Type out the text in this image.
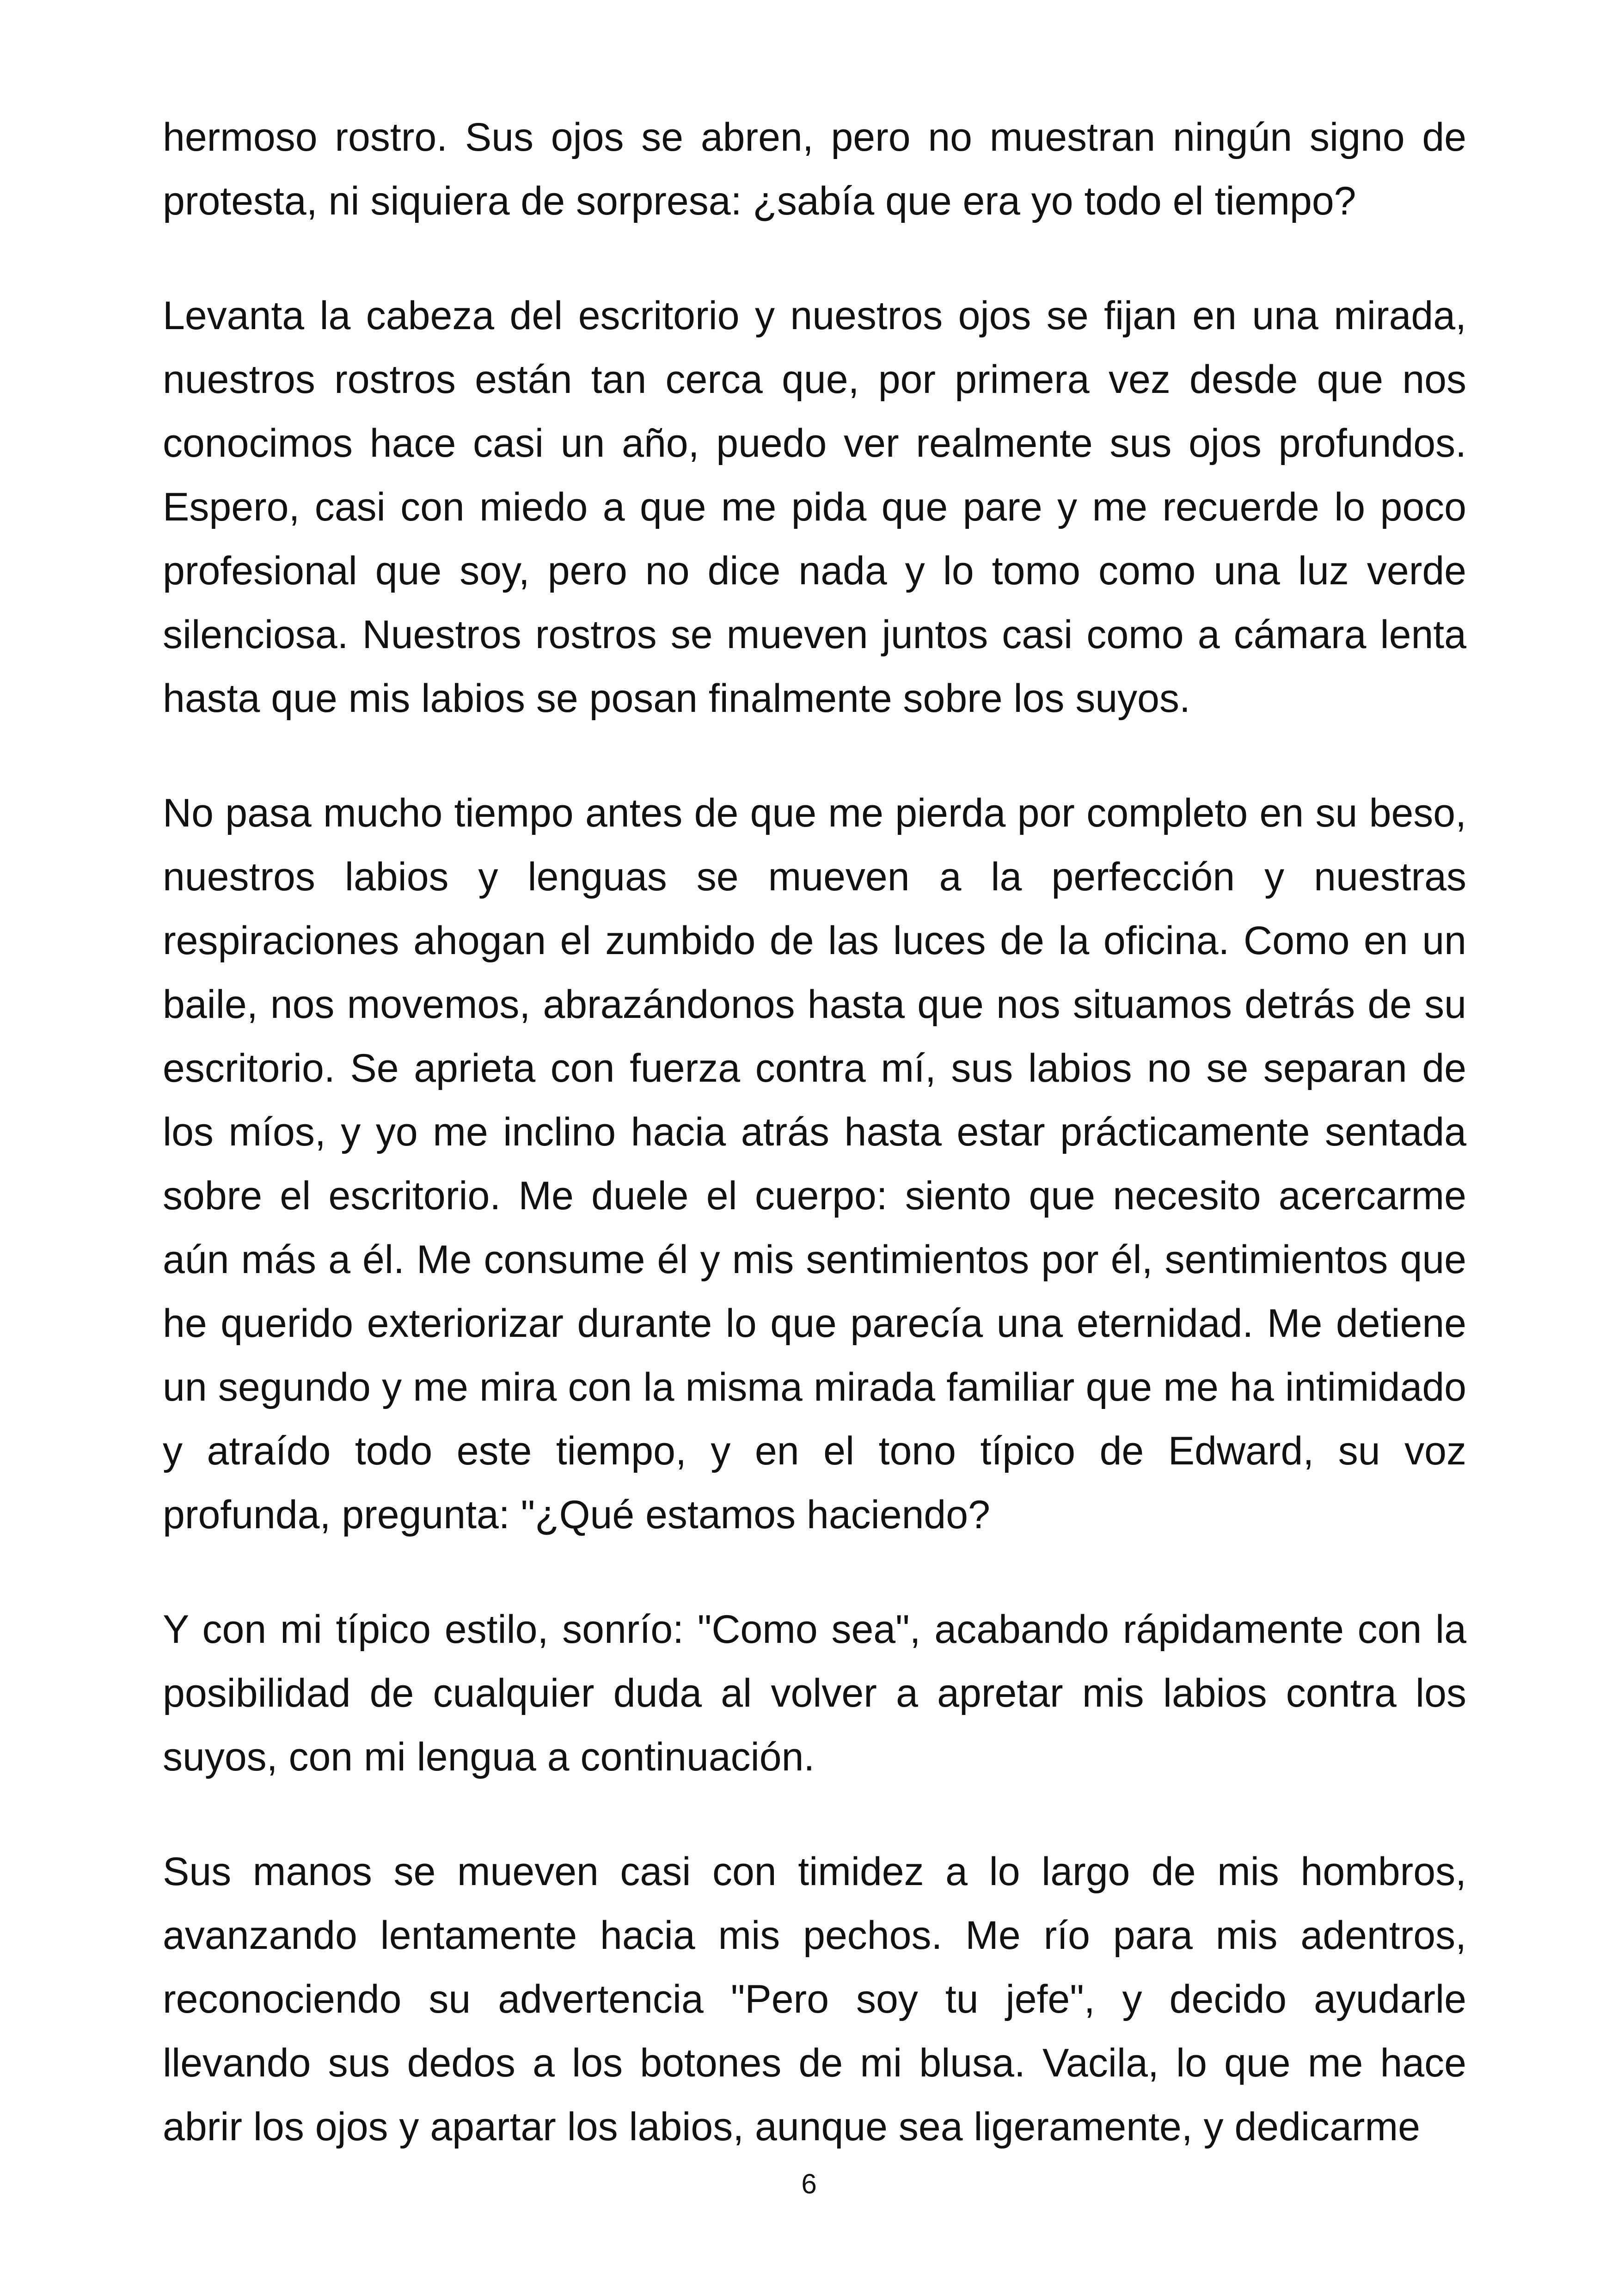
hermoso rostro. Sus ojos se abren, pero no muestran ningún signo de protesta, ni siquiera de sorpresa: ¿sabía que era yo todo el tiempo?

Levanta la cabeza del escritorio y nuestros ojos se fijan en una mirada, nuestros rostros están tan cerca que, por primera vez desde que nos conocimos hace casi un año, puedo ver realmente sus ojos profundos. Espero, casi con miedo a que me pida que pare y me recuerde lo poco profesional que soy, pero no dice nada y lo tomo como una luz verde silenciosa. Nuestros rostros se mueven juntos casi como a cámara lenta hasta que mis labios se posan finalmente sobre los suyos.

No pasa mucho tiempo antes de que me pierda por completo en su beso, nuestros labios y lenguas se mueven a la perfección y nuestras respiraciones ahogan el zumbido de las luces de la oficina. Como en un baile, nos movemos, abrazándonos hasta que nos situamos detrás de su escritorio. Se aprieta con fuerza contra mí, sus labios no se separan de los míos, y yo me inclino hacia atrás hasta estar prácticamente sentada sobre el escritorio. Me duele el cuerpo: siento que necesito acercarme aún más a él. Me consume él y mis sentimientos por él, sentimientos que he querido exteriorizar durante lo que parecía una eternidad. Me detiene un segundo y me mira con la misma mirada familiar que me ha intimidado y atraído todo este tiempo, y en el tono típico de Edward, su voz profunda, pregunta: "¿Qué estamos haciendo?

Y con mi típico estilo, sonrío: "Como sea", acabando rápidamente con la posibilidad de cualquier duda al volver a apretar mis labios contra los suyos, con mi lengua a continuación.

Sus manos se mueven casi con timidez a lo largo de mis hombros, avanzando lentamente hacia mis pechos. Me río para mis adentros, reconociendo su advertencia "Pero soy tu jefe", y decido ayudarle llevando sus dedos a los botones de mi blusa. Vacila, lo que me hace abrir los ojos y apartar los labios, aunque sea ligeramente, y dedicarme

6
